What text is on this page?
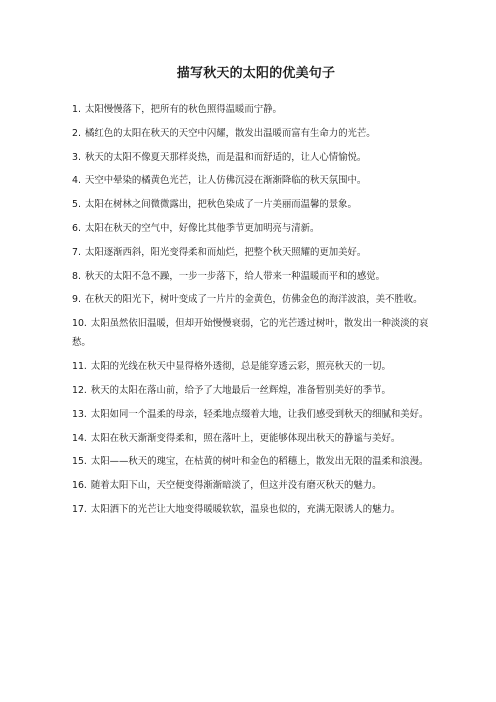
描写秋天的太阳的优美句子
1. 太阳慢慢落下，把所有的秋色照得温暖而宁静。
2. 橘红色的太阳在秋天的天空中闪耀，散发出温暖而富有生命力的光芒。
3. 秋天的太阳不像夏天那样炎热，而是温和而舒适的，让人心情愉悦。
4. 天空中晕染的橘黄色光芒，让人仿佛沉浸在渐渐降临的秋天氛围中。
5. 太阳在树林之间微微露出，把秋色染成了一片美丽而温馨的景象。
6. 太阳在秋天的空气中，好像比其他季节更加明亮与清新。
7. 太阳逐渐西斜，阳光变得柔和而灿烂，把整个秋天照耀的更加美好。
8. 秋天的太阳不急不躁，一步一步落下，给人带来一种温暖而平和的感觉。
9. 在秋天的阳光下，树叶变成了一片片的金黄色，仿佛金色的海洋波浪，美不胜收。
10. 太阳虽然依旧温暖，但却开始慢慢衰弱，它的光芒透过树叶，散发出一种淡淡的哀愁。
11. 太阳的光线在秋天中显得格外透彻，总是能穿透云彩，照亮秋天的一切。
12. 秋天的太阳在落山前，给予了大地最后一丝辉煌，准备暂别美好的季节。
13. 太阳如同一个温柔的母亲，轻柔地点缀着大地，让我们感受到秋天的细腻和美好。
14. 太阳在秋天渐渐变得柔和，照在落叶上，更能够体现出秋天的静谧与美好。
15. 太阳——秋天的瑰宝，在枯黄的树叶和金色的稻穗上，散发出无限的温柔和浪漫。
16. 随着太阳下山，天空便变得渐渐暗淡了，但这并没有磨灭秋天的魅力。
17. 太阳洒下的光芒让大地变得暖暖软软，温泉也似的，充满无限诱人的魅力。
